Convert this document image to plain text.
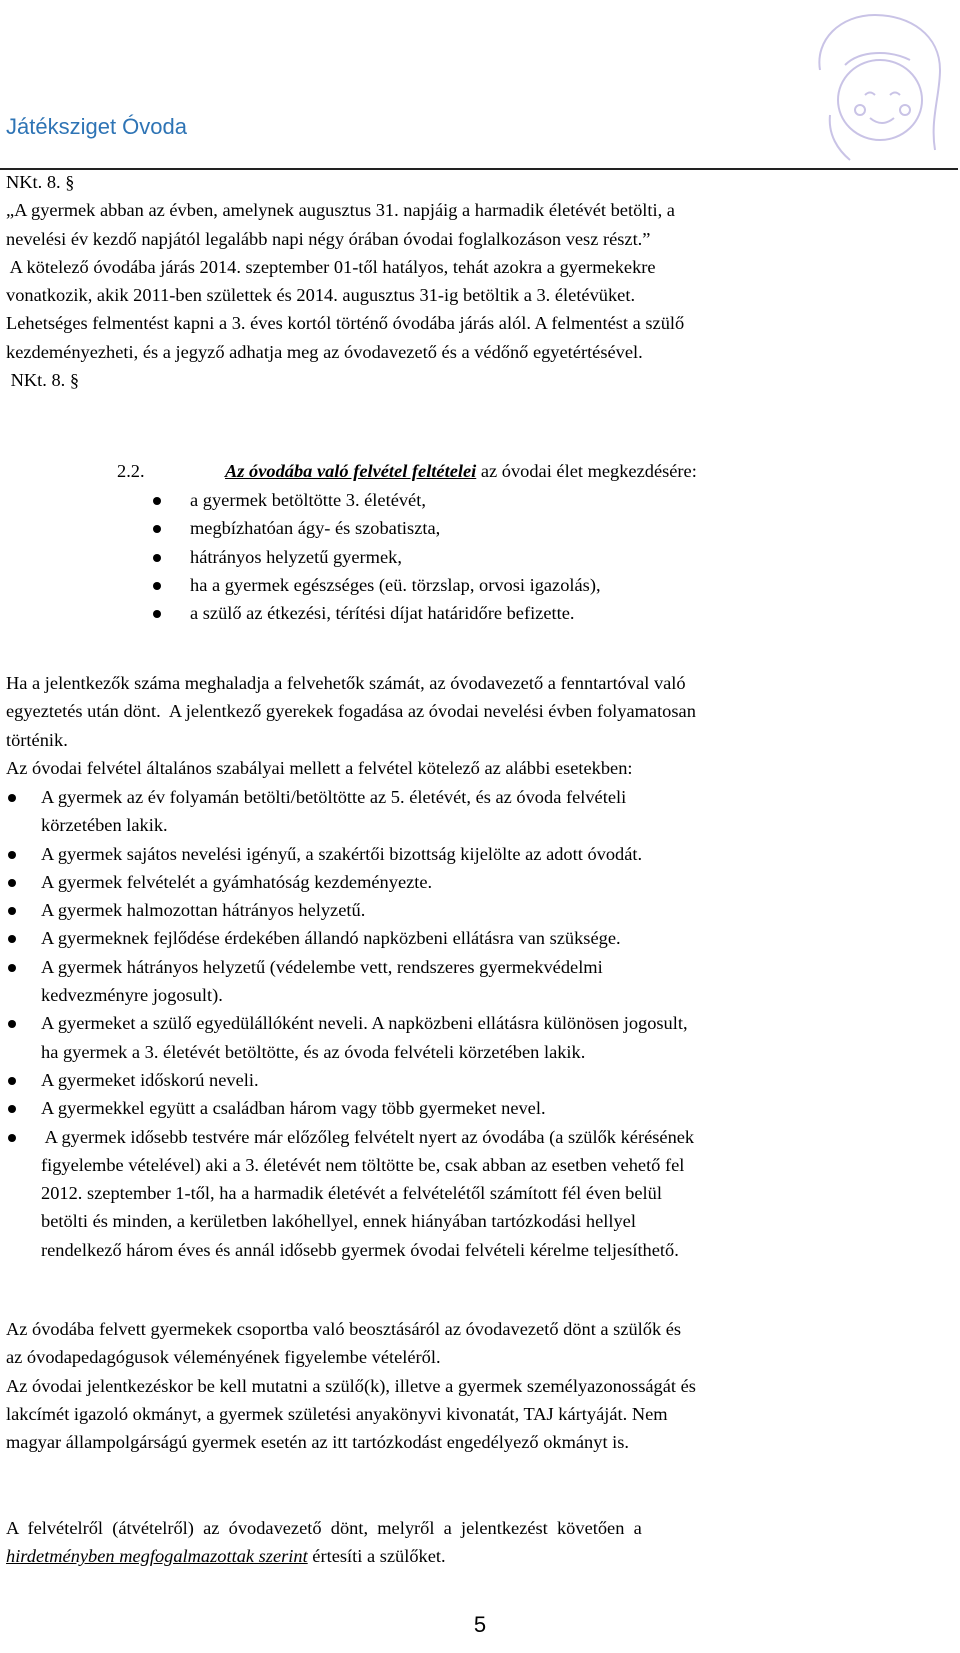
Játéksziget Óvoda
NKt. 8. §
„A gyermek abban az évben, amelynek augusztus 31. napjáig a harmadik életévét betölti, a
nevelési év kezdő napjától legalább napi négy órában óvodai foglalkozáson vesz részt.”
A kötelező óvodába járás 2014. szeptember 01-től hatályos, tehát azokra a gyermekekre
vonatkozik, akik 2011-ben születtek és 2014. augusztus 31-ig betöltik a 3. életévüket.
Lehetséges felmentést kapni a 3. éves kortól történő óvodába járás alól. A felmentést a szülő
kezdeményezheti, és a jegyző adhatja meg az óvodavezető és a védőnő egyetértésével.
NKt. 8. §
2.2.	Az óvodába való felvétel feltételei az óvodai élet megkezdésére:
a gyermek betöltötte 3. életévét,
megbízhatóan ágy- és szobatiszta,
hátrányos helyzetű gyermek,
ha a gyermek egészséges (eü. törzslap, orvosi igazolás),
a szülő az étkezési, térítési díjat határidőre befizette.
Ha a jelentkezők száma meghaladja a felvehetők számát, az óvodavezető a fenntartóval való
egyeztetés után dönt.  A jelentkező gyerekek fogadása az óvodai nevelési évben folyamatosan
történik.
Az óvodai felvétel általános szabályai mellett a felvétel kötelező az alábbi esetekben:
A gyermek az év folyamán betölti/betöltötte az 5. életévét, és az óvoda felvételi
körzetében lakik.
A gyermek sajátos nevelési igényű, a szakértői bizottság kijelölte az adott óvodát.
A gyermek felvételét a gyámhatóság kezdeményezte.
A gyermek halmozottan hátrányos helyzetű.
A gyermeknek fejlődése érdekében állandó napközbeni ellátásra van szüksége.
A gyermek hátrányos helyzetű (védelembe vett, rendszeres gyermekvédelmi
kedvezményre jogosult).
A gyermeket a szülő egyedülállóként neveli. A napközbeni ellátásra különösen jogosult,
ha gyermek a 3. életévét betöltötte, és az óvoda felvételi körzetében lakik.
A gyermeket időskorú neveli.
A gyermekkel együtt a családban három vagy több gyermeket nevel.
A gyermek idősebb testvére már előzőleg felvételt nyert az óvodába (a szülők kérésének
figyelembe vételével) aki a 3. életévét nem töltötte be, csak abban az esetben vehető fel
2012. szeptember 1-től, ha a harmadik életévét a felvételétől számított fél éven belül
betölti és minden, a kerületben lakóhellyel, ennek hiányában tartózkodási hellyel
rendelkező három éves és annál idősebb gyermek óvodai felvételi kérelme teljesíthető.
Az óvodába felvett gyermekek csoportba való beosztásáról az óvodavezető dönt a szülők és
az óvodapedagógusok véleményének figyelembe vételéről.
Az óvodai jelentkezéskor be kell mutatni a szülő(k), illetve a gyermek személyazonosságát és
lakcímét igazoló okmányt, a gyermek születési anyakönyvi kivonatát, TAJ kártyáját. Nem
magyar állampolgárságú gyermek esetén az itt tartózkodást engedélyező okmányt is.
A  felvételről  (átvételről)  az  óvodavezető  dönt,  melyről  a  jelentkezést  követően  a
hirdetményben megfogalmazottak szerint értesíti a szülőket.
5
